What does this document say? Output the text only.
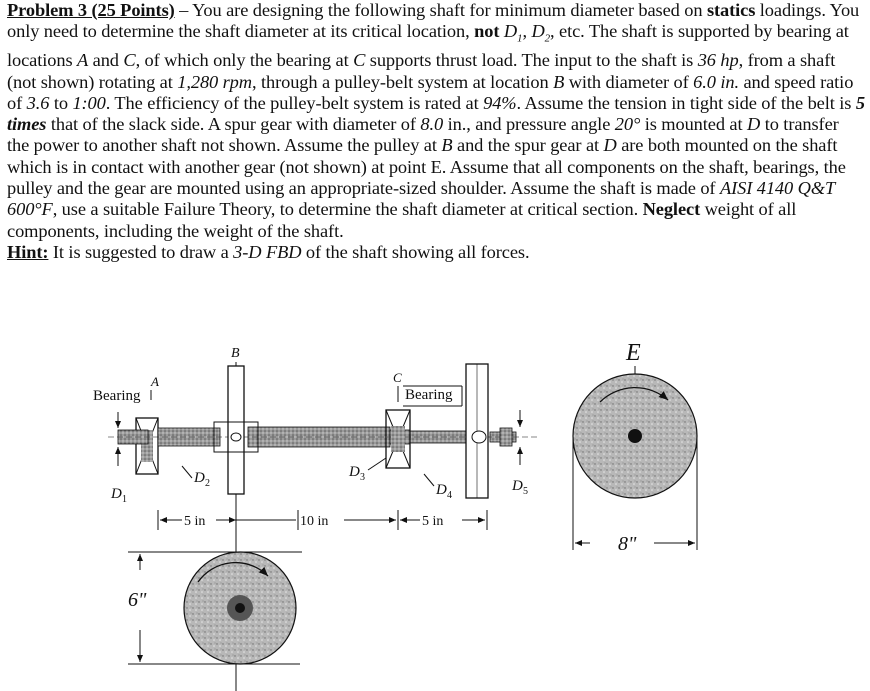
Problem 3 (25 Points) – You are designing the following shaft for minimum diameter based on statics loadings. You only need to determine the shaft diameter at its critical location, not $D_1$, $D_2$, etc. The shaft is supported by bearing at locations A and C, of which only the bearing at C supports thrust load. The input to the shaft is 36 hp, from a shaft (not shown) rotating at 1,280 rpm, through a pulley-belt system at location B with diameter of 6.0 in. and speed ratio of 3.6 to 1:00. The efficiency of the pulley-belt system is rated at 94%. Assume the tension in tight side of the belt is 5 times that of the slack side. A spur gear with diameter of 8.0 in., and pressure angle 20° is mounted at D to transfer the power to another shaft not shown. Assume the pulley at B and the spur gear at D are both mounted on the shaft which is in contact with another gear (not shown) at point E. Assume that all components on the shaft, bearings, the pulley and the gear are mounted using an appropriate-sized shoulder. Assume the shaft is made of AISI 4140 Q&T 600°F, use a suitable Failure Theory, to determine the shaft diameter at critical section. Neglect weight of all components, including the weight of the shaft.
Hint: It is suggested to draw a 3-D FBD of the shaft showing all forces.
B
Bearing
A	C
Bearing
D 1
D 2
D 3
D 4
D 5
5 in	10 in	5 in
E
8"
6"
